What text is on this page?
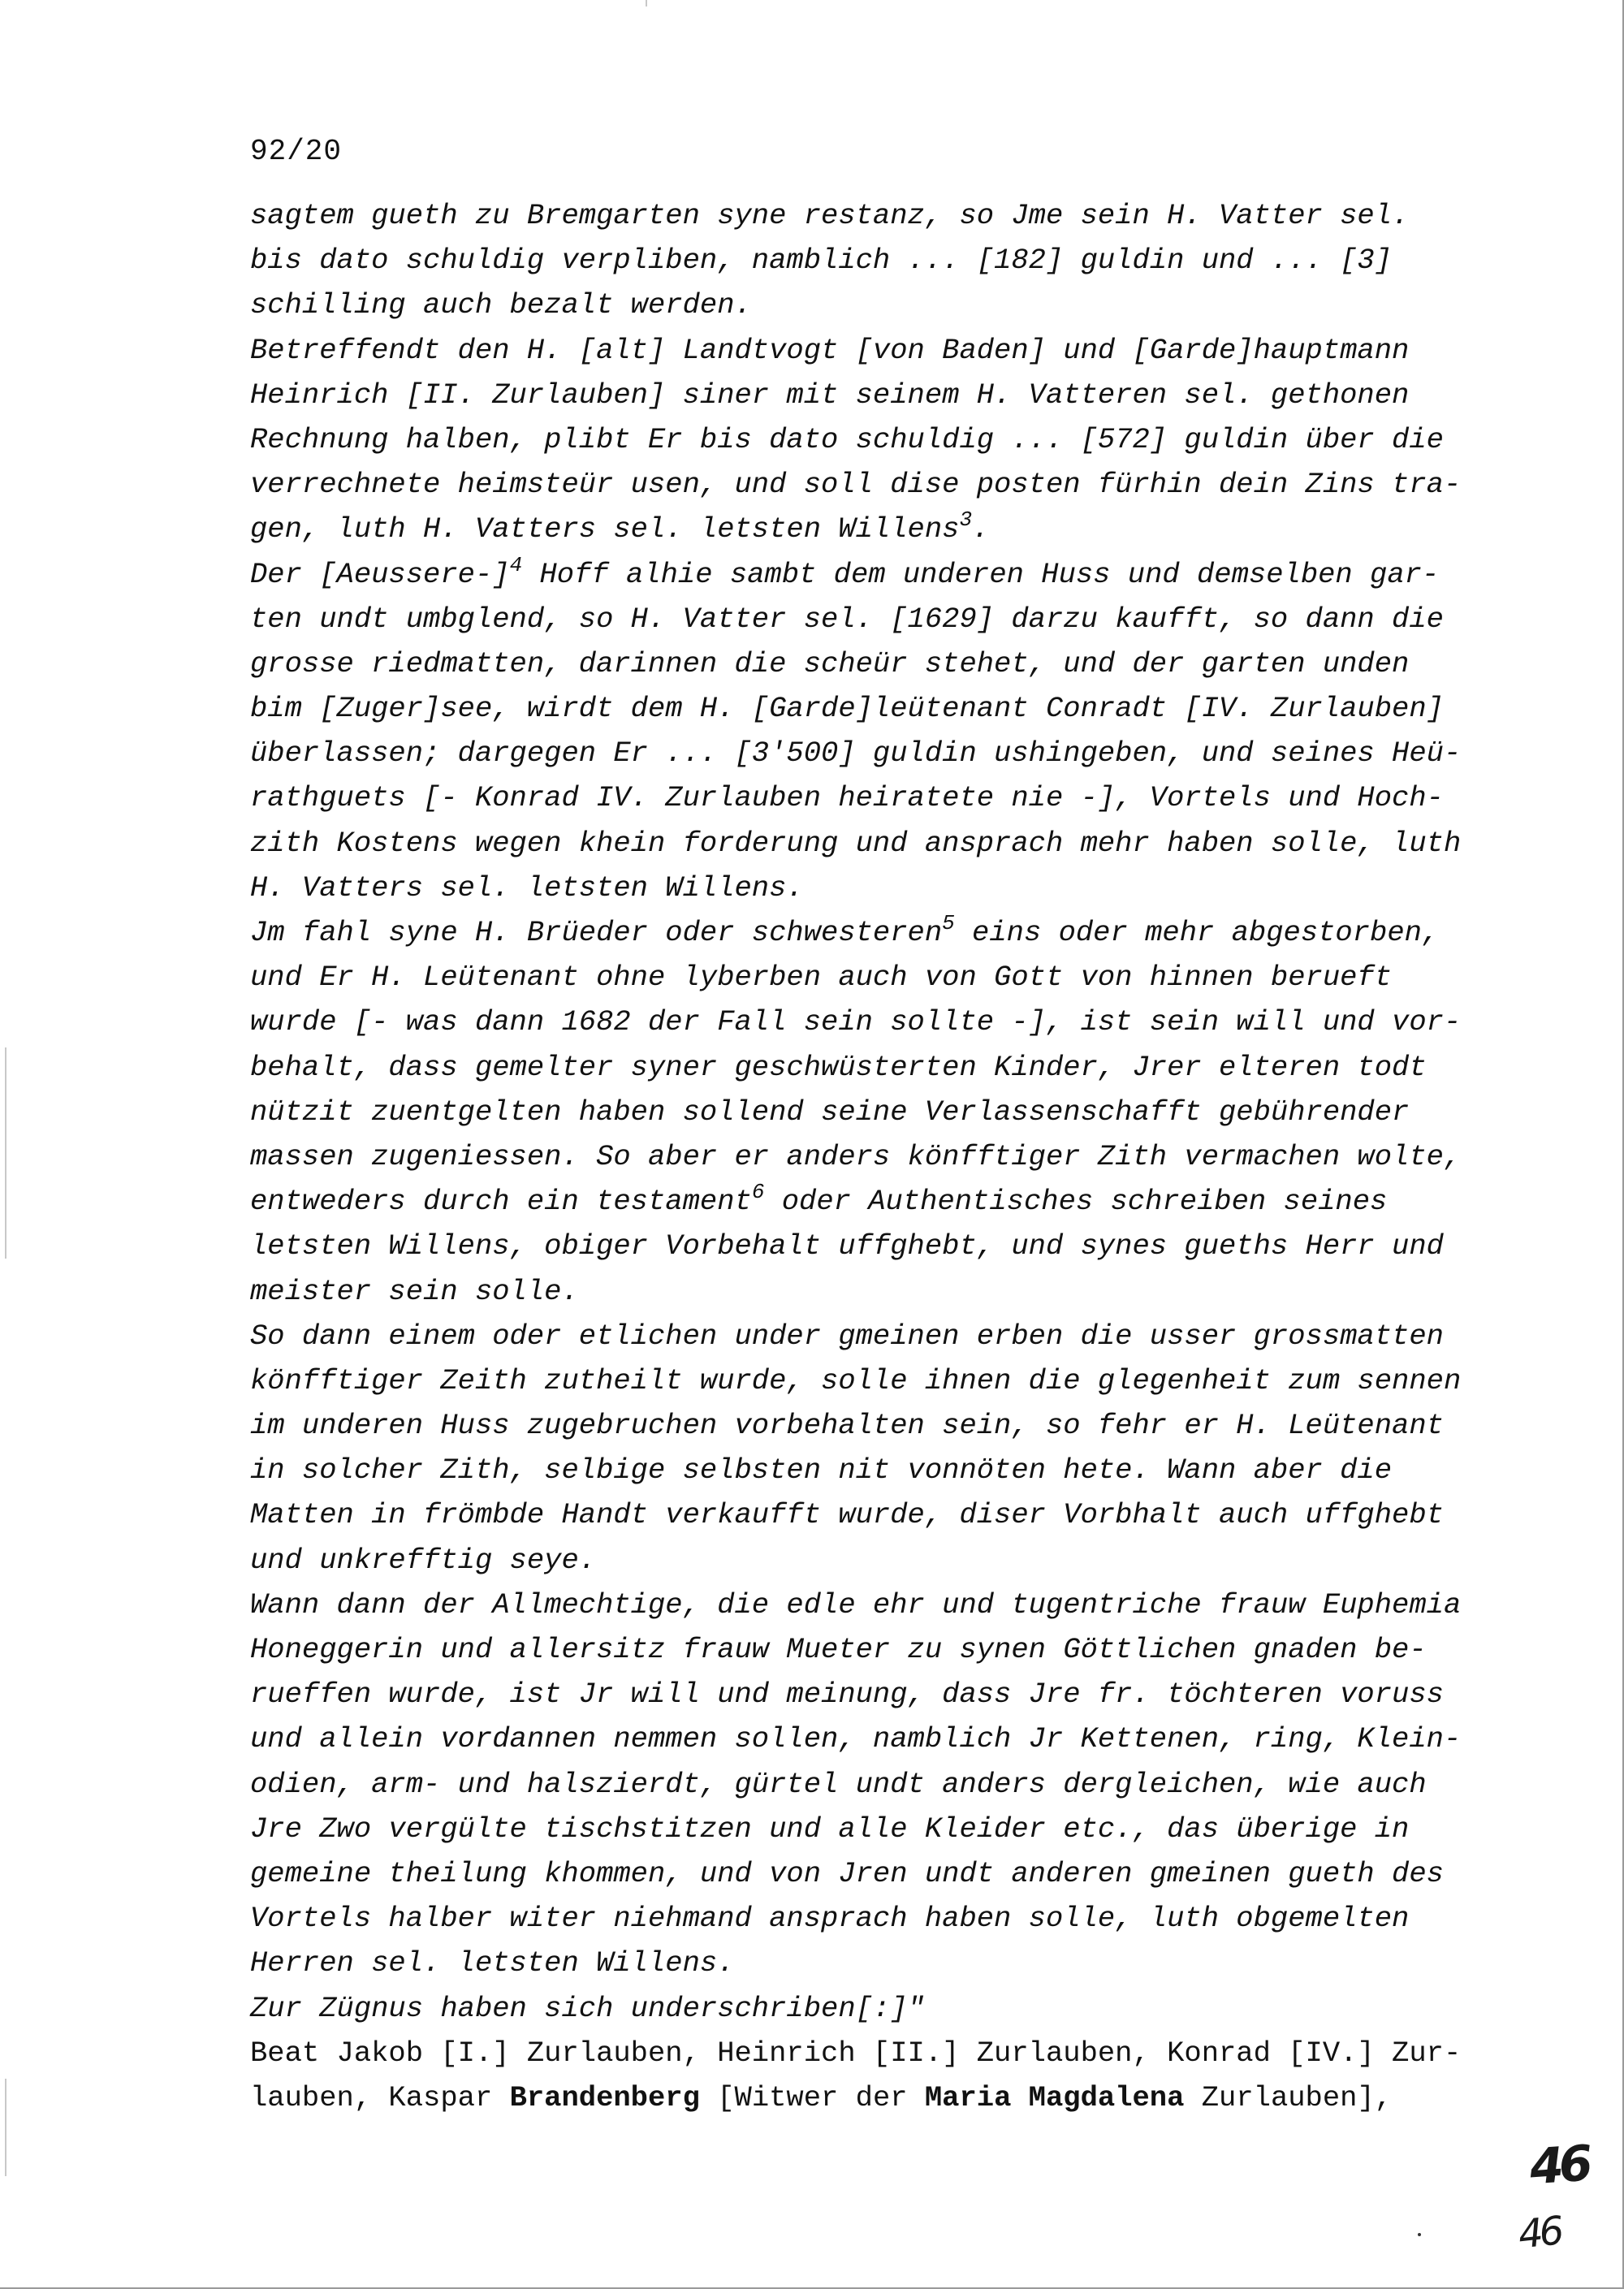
92/20
sagtem gueth zu Bremgarten syne restanz, so Jme sein H. Vatter sel.
bis dato schuldig verpliben, namblich ... [182] guldin und ... [3]
schilling auch bezalt werden.
Betreffendt den H. [alt] Landtvogt [von Baden] und [Garde]hauptmann
Heinrich [II. Zurlauben] siner mit seinem H. Vatteren sel. gethonen
Rechnung halben, plibt Er bis dato schuldig ... [572] guldin über die
verrechnete heimsteür usen, und soll dise posten fürhin dein Zins tra-
gen, luth H. Vatters sel. letsten Willens$^3$.
Der [Aeussere-]$^4$ Hoff alhie sambt dem underen Huss und demselben gar-
ten undt umbglend, so H. Vatter sel. [1629] darzu kaufft, so dann die
grosse riedmatten, darinnen die scheür stehet, und der garten unden
bim [Zuger]see, wirdt dem H. [Garde]leütenant Conradt [IV. Zurlauben]
überlassen; dargegen Er ... [3'500] guldin ushingeben, und seines Heü-
rathguets [- Konrad IV. Zurlauben heiratete nie -], Vortels und Hoch-
zith Kostens wegen khein forderung und ansprach mehr haben solle, luth
H. Vatters sel. letsten Willens.
Jm fahl syne H. Brüeder oder schwesteren$^5$ eins oder mehr abgestorben,
und Er H. Leütenant ohne lyberben auch von Gott von hinnen berueft
wurde [- was dann 1682 der Fall sein sollte -], ist sein will und vor-
behalt, dass gemelter syner geschwüsterten Kinder, Jrer elteren todt
nützit zuentgelten haben sollend seine Verlassenschafft gebührender
massen zugeniessen. So aber er anders könfftiger Zith vermachen wolte,
entweders durch ein testament$^6$ oder Authentisches schreiben seines
letsten Willens, obiger Vorbehalt uffghebt, und synes gueths Herr und
meister sein solle.
So dann einem oder etlichen under gmeinen erben die usser grossmatten
könfftiger Zeith zutheilt wurde, solle ihnen die glegenheit zum sennen
im underen Huss zugebruchen vorbehalten sein, so fehr er H. Leütenant
in solcher Zith, selbige selbsten nit vonnöten hete. Wann aber die
Matten in frömbde Handt verkaufft wurde, diser Vorbhalt auch uffghebt
und unkrefftig seye.
Wann dann der Allmechtige, die edle ehr und tugentriche frauw Euphemia
Honeggerin und allersitz frauw Mueter zu synen Göttlichen gnaden be-
rueffen wurde, ist Jr will und meinung, dass Jre fr. töchteren voruss
und allein vordannen nemmen sollen, namblich Jr Kettenen, ring, Klein-
odien, arm- und halszierdt, gürtel undt anders dergleichen, wie auch
Jre Zwo vergülte tischstitzen und alle Kleider etc., das überige in
gemeine theilung khommen, und von Jren undt anderen gmeinen gueth des
Vortels halber witer niehmand ansprach haben solle, luth obgemelten
Herren sel. letsten Willens.
Zur Zügnus haben sich underschriben[:]"
Beat Jakob [I.] Zurlauben, Heinrich [II.] Zurlauben, Konrad [IV.] Zur-
lauben, Kaspar Brandenberg [Witwer der Maria Magdalena Zurlauben],
46
46
